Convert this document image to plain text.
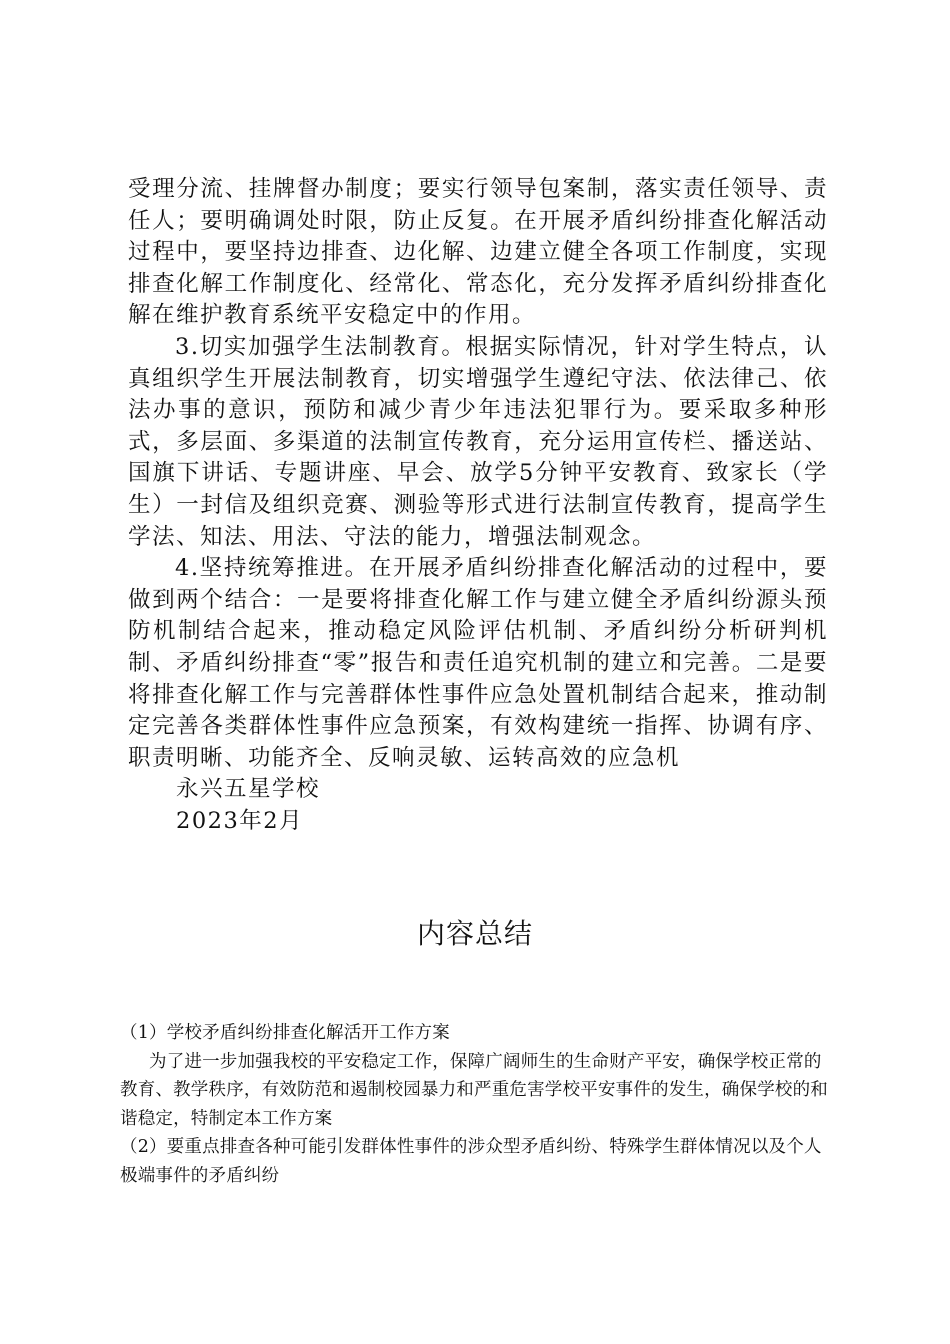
受理分流、挂牌督办制度；要实行领导包案制，落实责任领导、责任人；要明确调处时限，防止反复。在开展矛盾纠纷排查化解活动过程中，要坚持边排查、边化解、边建立健全各项工作制度，实现排查化解工作制度化、经常化、常态化，充分发挥矛盾纠纷排查化解在维护教育系统平安稳定中的作用。

3.切实加强学生法制教育。根据实际情况，针对学生特点，认真组织学生开展法制教育，切实增强学生遵纪守法、依法律己、依法办事的意识，预防和减少青少年违法犯罪行为。要采取多种形式，多层面、多渠道的法制宣传教育，充分运用宣传栏、播送站、国旗下讲话、专题讲座、早会、放学5分钟平安教育、致家长（学生）一封信及组织竞赛、测验等形式进行法制宣传教育，提高学生学法、知法、用法、守法的能力，增强法制观念。

4.坚持统筹推进。在开展矛盾纠纷排查化解活动的过程中，要做到两个结合：一是要将排查化解工作与建立健全矛盾纠纷源头预防机制结合起来，推动稳定风险评估机制、矛盾纠纷分析研判机制、矛盾纠纷排查“零”报告和责任追究机制的建立和完善。二是要将排查化解工作与完善群体性事件应急处置机制结合起来，推动制定完善各类群体性事件应急预案，有效构建统一指挥、协调有序、职责明晰、功能齐全、反响灵敏、运转高效的应急机

永兴五星学校

2023年2月

内容总结

（1）学校矛盾纠纷排查化解活开工作方案

为了进一步加强我校的平安稳定工作，保障广阔师生的生命财产平安，确保学校正常的教育、教学秩序，有效防范和遏制校园暴力和严重危害学校平安事件的发生，确保学校的和谐稳定，特制定本工作方案

（2）要重点排查各种可能引发群体性事件的涉众型矛盾纠纷、特殊学生群体情况以及个人极端事件的矛盾纠纷
